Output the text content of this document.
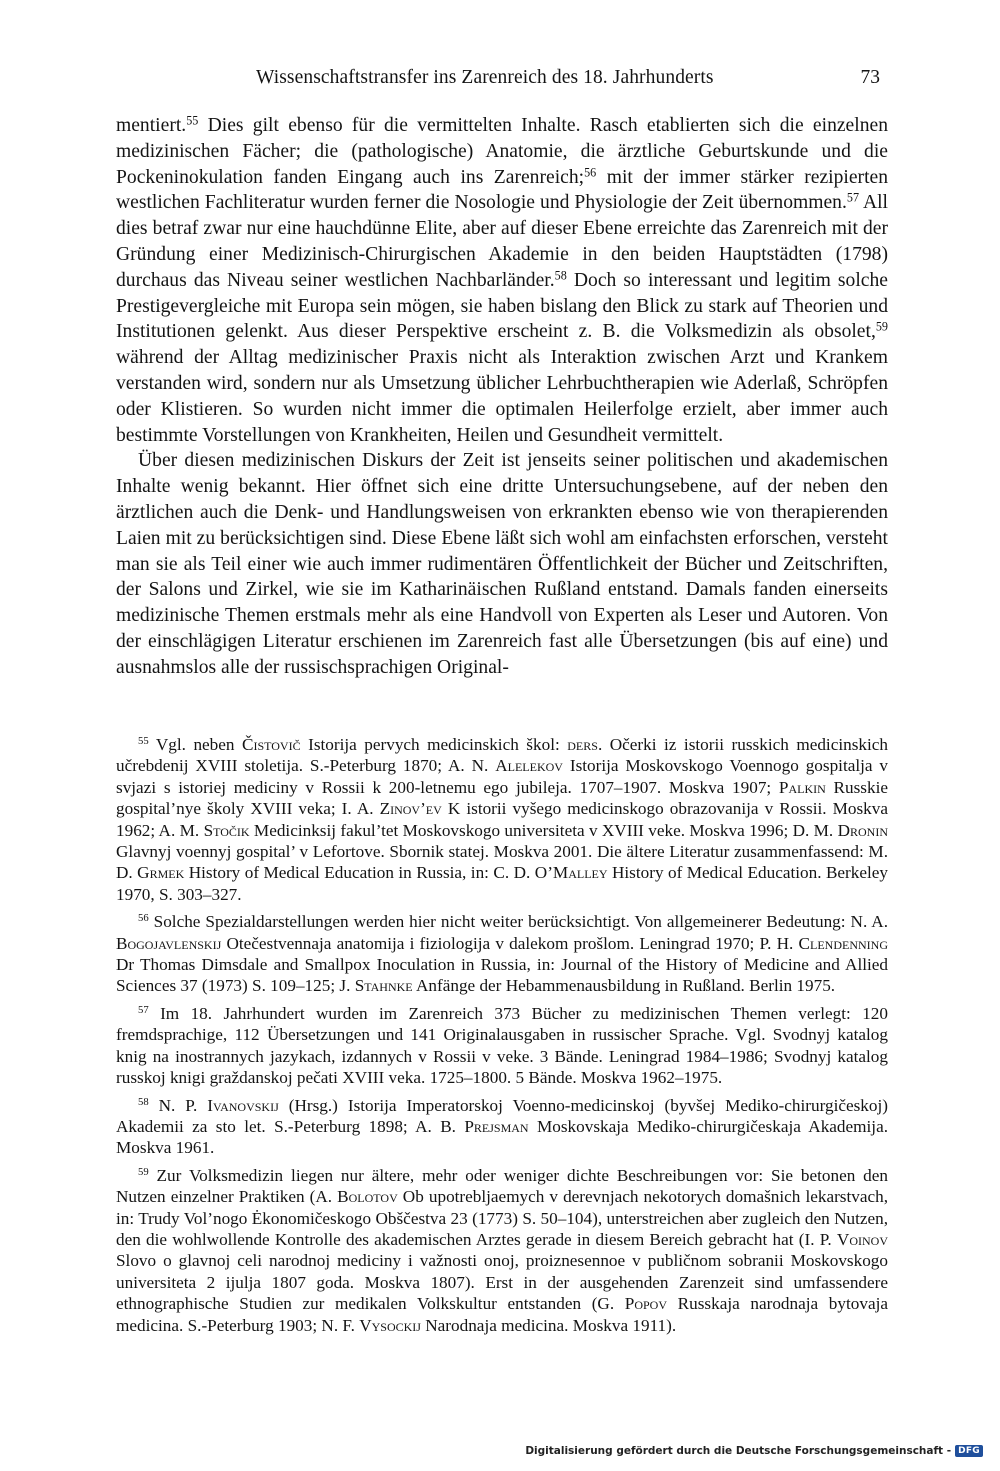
Wissenschaftstransfer ins Zarenreich des 18. Jahrhunderts	73

mentiert.$^{55}$ Dies gilt ebenso für die vermittelten Inhalte. Rasch etablierten sich die einzelnen medizinischen Fächer; die (pathologische) Anatomie, die ärztliche Geburtskunde und die Pockeninokulation fanden Eingang auch ins Zarenreich;$^{56}$ mit der immer stärker rezipierten westlichen Fachliteratur wurden ferner die Nosologie und Physiologie der Zeit übernommen.$^{57}$ All dies betraf zwar nur eine hauchdünne Elite, aber auf dieser Ebene erreichte das Zarenreich mit der Gründung einer Medizinisch-Chirurgischen Akademie in den beiden Hauptstädten (1798) durchaus das Niveau seiner westlichen Nachbarländer.$^{58}$ Doch so interessant und legitim solche Prestigevergleiche mit Europa sein mögen, sie haben bislang den Blick zu stark auf Theorien und Institutionen gelenkt. Aus dieser Perspektive erscheint z. B. die Volksmedizin als obsolet,$^{59}$ während der Alltag medizinischer Praxis nicht als Interaktion zwischen Arzt und Krankem verstanden wird, sondern nur als Umsetzung üblicher Lehrbuchtherapien wie Aderlaß, Schröpfen oder Klistieren. So wurden nicht immer die optimalen Heilerfolge erzielt, aber immer auch bestimmte Vorstellungen von Krankheiten, Heilen und Gesundheit vermittelt.

Über diesen medizinischen Diskurs der Zeit ist jenseits seiner politischen und akademischen Inhalte wenig bekannt. Hier öffnet sich eine dritte Untersuchungsebene, auf der neben den ärztlichen auch die Denk- und Handlungsweisen von erkrankten ebenso wie von therapierenden Laien mit zu berücksichtigen sind. Diese Ebene läßt sich wohl am einfachsten erforschen, versteht man sie als Teil einer wie auch immer rudimentären Öffentlichkeit der Bücher und Zeitschriften, der Salons und Zirkel, wie sie im Katharinäischen Rußland entstand. Damals fanden einerseits medizinische Themen erstmals mehr als eine Handvoll von Experten als Leser und Autoren. Von der einschlägigen Literatur erschienen im Zarenreich fast alle Übersetzungen (bis auf eine) und ausnahmslos alle der russischsprachigen Original-

$^{55}$ Vgl. neben Čistovič Istorija pervych medicinskich škol: ders. Očerki iz istorii russkich medicinskich učrebdenij XVIII stoletija. S.-Peterburg 1870; A. N. Alelekov Istorija Moskovskogo Voennogo gospitalja v svjazi s istoriej mediciny v Rossii k 200-letnemu ego jubileja. 1707–1907. Moskva 1907; Palkin Russkie gospital’nye školy XVIII veka; I. A. Zinov’ev K istorii vyšego medicinskogo obrazovanija v Rossii. Moskva 1962; A. M. Stočik Medicinksij fakul’tet Moskovskogo universiteta v XVIII veke. Moskva 1996; D. M. Dronin Glavnyj voennyj gospital’ v Lefortove. Sbornik statej. Moskva 2001. Die ältere Literatur zusammenfassend: M. D. Grmek History of Medical Education in Russia, in: C. D. O’Malley History of Medical Education. Berkeley 1970, S. 303–327.

$^{56}$ Solche Spezialdarstellungen werden hier nicht weiter berücksichtigt. Von allgemeinerer Bedeutung: N. A. Bogojavlenskij Otečestvennaja anatomija i fiziologija v dalekom prošlom. Leningrad 1970; P. H. Clendenning Dr Thomas Dimsdale and Smallpox Inoculation in Russia, in: Journal of the History of Medicine and Allied Sciences 37 (1973) S. 109–125; J. Stahnke Anfänge der Hebammenausbildung in Rußland. Berlin 1975.

$^{57}$ Im 18. Jahrhundert wurden im Zarenreich 373 Bücher zu medizinischen Themen verlegt: 120 fremdsprachige, 112 Übersetzungen und 141 Originalausgaben in russischer Sprache. Vgl. Svodnyj katalog knig na inostrannych jazykach, izdannych v Rossii v veke. 3 Bände. Leningrad 1984–1986; Svodnyj katalog russkoj knigi graždanskoj pečati XVIII veka. 1725–1800. 5 Bände. Moskva 1962–1975.

$^{58}$ N. P. Ivanovskij (Hrsg.) Istorija Imperatorskoj Voenno-medicinskoj (byvšej Mediko-chirurgičeskoj) Akademii za sto let. S.-Peterburg 1898; A. B. Prejsman Moskovskaja Mediko-chirurgičeskaja Akademija. Moskva 1961.

$^{59}$ Zur Volksmedizin liegen nur ältere, mehr oder weniger dichte Beschreibungen vor: Sie betonen den Nutzen einzelner Praktiken (A. Bolotov Ob upotrebljaemych v derevnjach nekotorych domašnich lekarstvach, in: Trudy Vol’nogo Ėkonomičeskogo Obščestva 23 (1773) S. 50–104), unterstreichen aber zugleich den Nutzen, den die wohlwollende Kontrolle des akademischen Arztes gerade in diesem Bereich gebracht hat (I. P. Voinov Slovo o glavnoj celi narodnoj mediciny i važnosti onoj, proiznesennoe v publičnom sobranii Moskovskogo universiteta 2 ijulja 1807 goda. Moskva 1807). Erst in der ausgehenden Zarenzeit sind umfassendere ethnographische Studien zur medikalen Volkskultur entstanden (G. Popov Russkaja narodnaja bytovaja medicina. S.-Peterburg 1903; N. F. Vysockij Narodnaja medicina. Moskva 1911).

Digitalisierung gefördert durch die Deutsche Forschungsgemeinschaft - DFG
